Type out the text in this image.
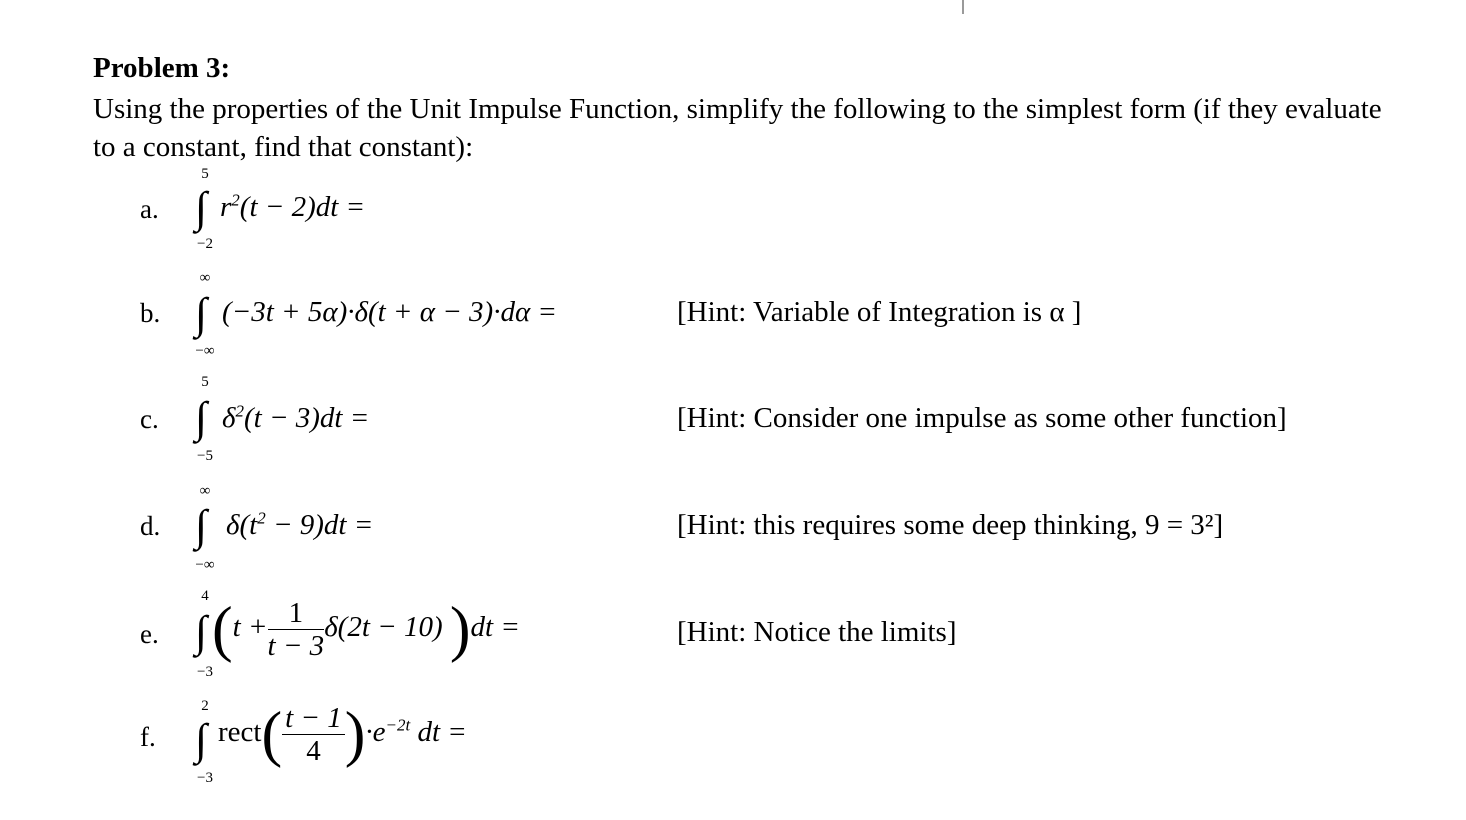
Problem 3:
Using the properties of the Unit Impulse Function, simplify the following to the simplest form (if they evaluate to a constant, find that constant):
a.
5
∫
−2
$r^2(t - 2)dt$ =
b.
∞
∫
−∞
(−3t + 5α)·δ(t + α − 3)·dα =	[Hint: Variable of Integration is α ]
c.
5
∫
−5
$\delta^2(t - 3)dt$ =	[Hint: Consider one impulse as some other function]
d.
∞
∫
−∞
$\delta(t^2 - 9)dt$ =	[Hint: this requires some deep thinking, 9 = 3²]
e.
4
∫
−3
$(t + \frac{1}{t - 3} \delta(2t - 10) )dt$ =	[Hint: Notice the limits]
f.
2
∫
−3
rect( $\frac{t - 1}{4} )\cdot e^{-2t}$ dt =
